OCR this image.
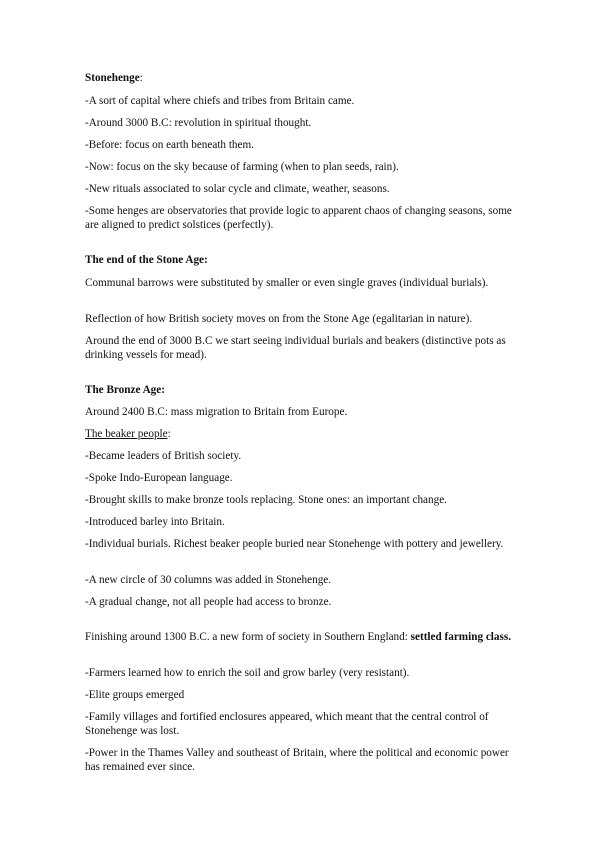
Stonehenge:

-A sort of capital where chiefs and tribes from Britain came.

-Around 3000 B.C: revolution in spiritual thought.

-Before: focus on earth beneath them.

-Now: focus on the sky because of farming (when to plan seeds, rain).

-New rituals associated to solar cycle and climate, weather, seasons.

-Some henges are observatories that provide logic to apparent chaos of changing seasons, some are aligned to predict solstices (perfectly).

The end of the Stone Age:

Communal barrows were substituted by smaller or even single graves (individual burials).

Reflection of how British society moves on from the Stone Age (egalitarian in nature).

Around the end of 3000 B.C we start seeing individual burials and beakers (distinctive pots as drinking vessels for mead).

The Bronze Age:

Around 2400 B.C: mass migration to Britain from Europe.

The beaker people:

-Became leaders of British society.

-Spoke Indo-European language.

-Brought skills to make bronze tools replacing. Stone ones: an important change.

-Introduced barley into Britain.

-Individual burials. Richest beaker people buried near Stonehenge with pottery and jewellery.

-A new circle of 30 columns was added in Stonehenge.

-A gradual change, not all people had access to bronze.

Finishing around 1300 B.C. a new form of society in Southern England: settled farming class.

-Farmers learned how to enrich the soil and grow barley (very resistant).

-Elite groups emerged

-Family villages and fortified enclosures appeared, which meant that the central control of Stonehenge was lost.

-Power in the Thames Valley and southeast of Britain, where the political and economic power has remained ever since.
